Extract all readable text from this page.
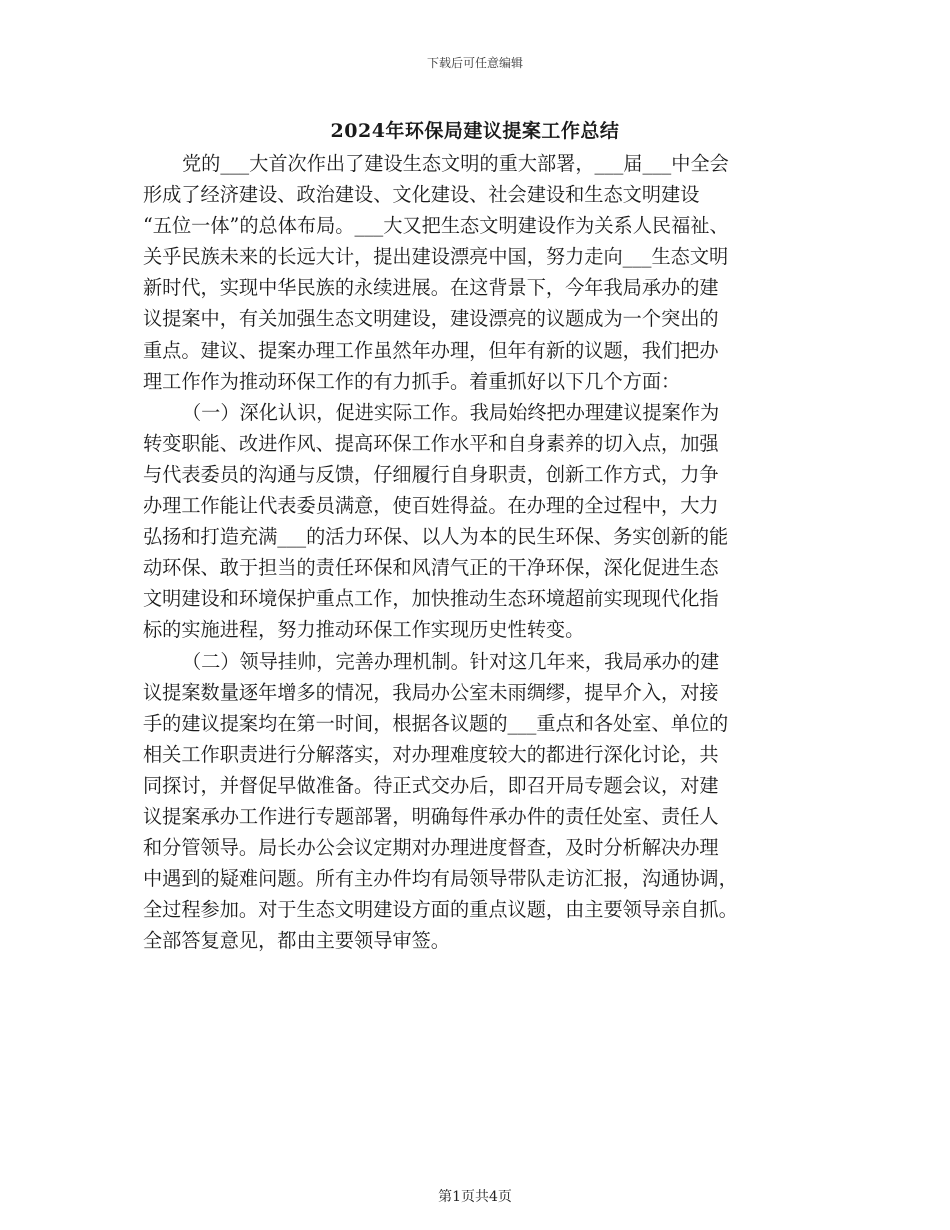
下载后可任意编辑
2024年环保局建议提案工作总结
党的___大首次作出了建设生态文明的重大部署，___届___中全会
形成了经济建设、政治建设、文化建设、社会建设和生态文明建设
“五位一体”的总体布局。___大又把生态文明建设作为关系人民福祉、
关乎民族未来的长远大计，提出建设漂亮中国，努力走向___生态文明
新时代，实现中华民族的永续进展。在这背景下，今年我局承办的建
议提案中，有关加强生态文明建设，建设漂亮的议题成为一个突出的
重点。建议、提案办理工作虽然年办理，但年有新的议题，我们把办
理工作作为推动环保工作的有力抓手。着重抓好以下几个方面：
（一）深化认识，促进实际工作。我局始终把办理建议提案作为
转变职能、改进作风、提高环保工作水平和自身素养的切入点，加强
与代表委员的沟通与反馈，仔细履行自身职责，创新工作方式，力争
办理工作能让代表委员满意，使百姓得益。在办理的全过程中，大力
弘扬和打造充满___的活力环保、以人为本的民生环保、务实创新的能
动环保、敢于担当的责任环保和风清气正的干净环保，深化促进生态
文明建设和环境保护重点工作，加快推动生态环境超前实现现代化指
标的实施进程，努力推动环保工作实现历史性转变。
（二）领导挂帅，完善办理机制。针对这几年来，我局承办的建
议提案数量逐年增多的情况，我局办公室未雨绸缪，提早介入，对接
手的建议提案均在第一时间，根据各议题的___重点和各处室、单位的
相关工作职责进行分解落实，对办理难度较大的都进行深化讨论，共
同探讨，并督促早做准备。待正式交办后，即召开局专题会议，对建
议提案承办工作进行专题部署，明确每件承办件的责任处室、责任人
和分管领导。局长办公会议定期对办理进度督查，及时分析解决办理
中遇到的疑难问题。所有主办件均有局领导带队走访汇报，沟通协调，
全过程参加。对于生态文明建设方面的重点议题，由主要领导亲自抓。
全部答复意见，都由主要领导审签。
第1页共4页
